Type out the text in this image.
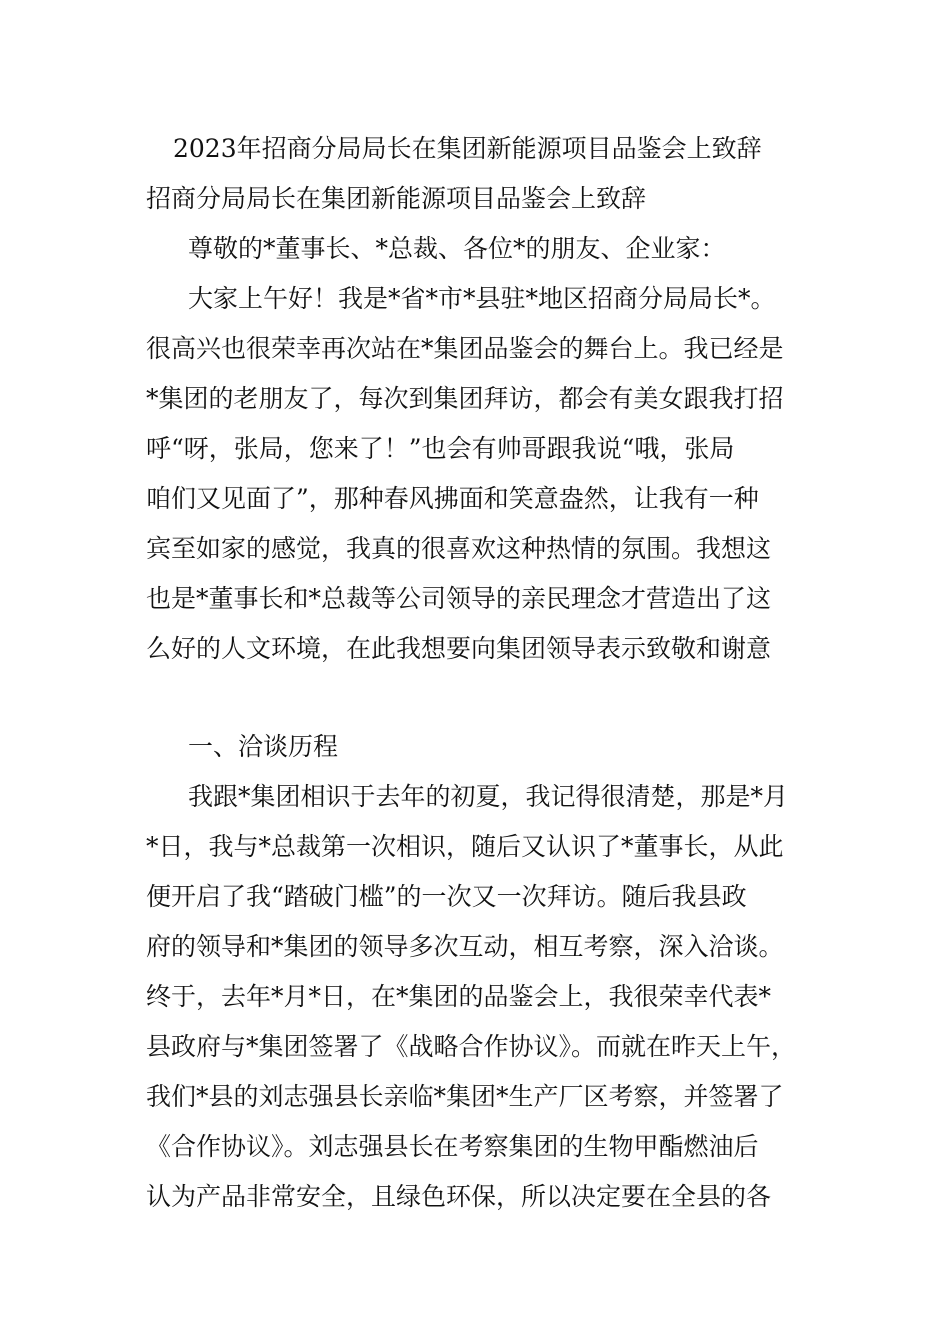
2023年招商分局局长在集团新能源项目品鉴会上致辞
招商分局局长在集团新能源项目品鉴会上致辞
尊敬的*董事长、*总裁、各位*的朋友、企业家：
大家上午好！我是*省*市*县驻*地区招商分局局长*。
很高兴也很荣幸再次站在*集团品鉴会的舞台上。我已经是
*集团的老朋友了，每次到集团拜访，都会有美女跟我打招
呼“呀，张局，您来了！”也会有帅哥跟我说“哦，张局
咱们又见面了”，那种春风拂面和笑意盎然，让我有一种
宾至如家的感觉，我真的很喜欢这种热情的氛围。我想这
也是*董事长和*总裁等公司领导的亲民理念才营造出了这
么好的人文环境，在此我想要向集团领导表示致敬和谢意
一、洽谈历程
我跟*集团相识于去年的初夏，我记得很清楚，那是*月
*日，我与*总裁第一次相识，随后又认识了*董事长，从此
便开启了我“踏破门槛”的一次又一次拜访。随后我县政
府的领导和*集团的领导多次互动，相互考察，深入洽谈。
终于，去年*月*日，在*集团的品鉴会上，我很荣幸代表*
县政府与*集团签署了《战略合作协议》。而就在昨天上午，
我们*县的刘志强县长亲临*集团*生产厂区考察，并签署了
《合作协议》。刘志强县长在考察集团的生物甲酯燃油后
认为产品非常安全，且绿色环保，所以决定要在全县的各
